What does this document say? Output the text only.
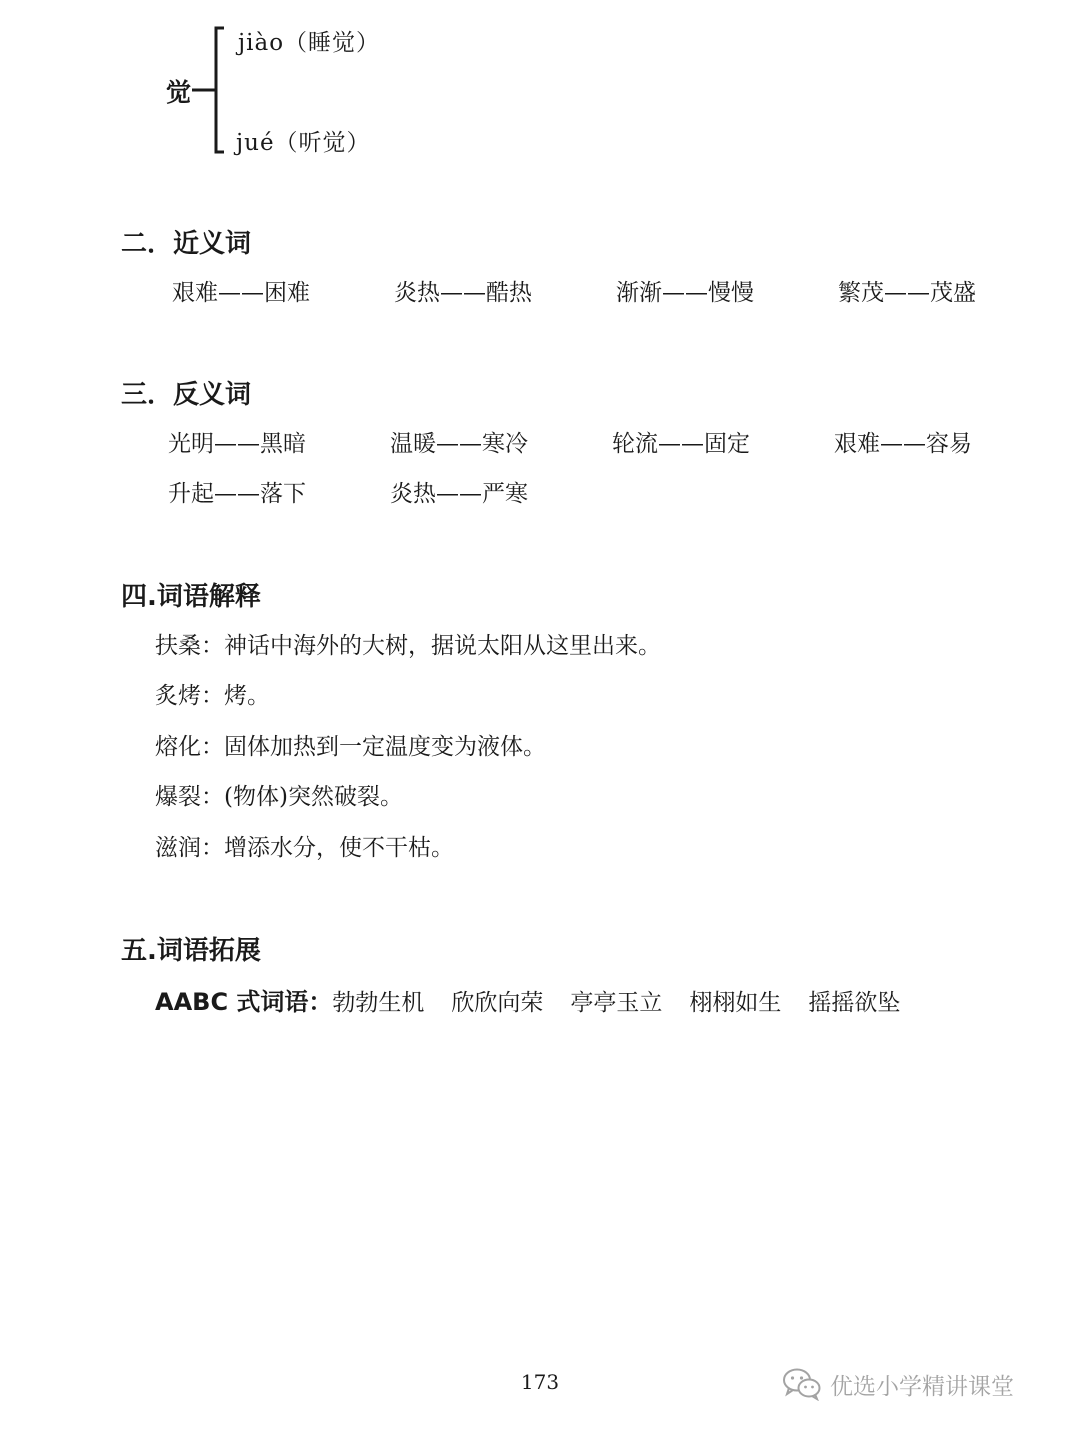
觉
jiào（睡觉）
jué（听觉）
二．近义词
艰难——困难	炎热——酷热	渐渐——慢慢	繁茂——茂盛
三．反义词
光明——黑暗	温暖——寒冷	轮流——固定	艰难——容易
升起——落下	炎热——严寒
四.词语解释
扶桑：神话中海外的大树，据说太阳从这里出来。
炙烤：烤。
熔化：固体加热到一定温度变为液体。
爆裂：(物体)突然破裂。
滋润：增添水分，使不干枯。
五.词语拓展
AABC 式词语： 勃勃生机 欣欣向荣 亭亭玉立 栩栩如生 摇摇欲坠
173	优选小学精讲课堂
